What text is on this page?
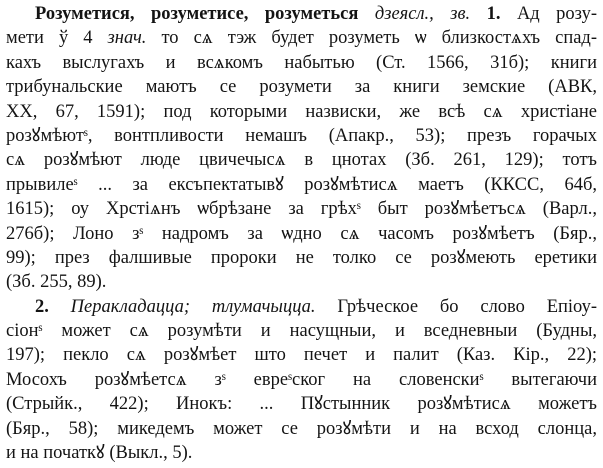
Розуметися, розуметисе, розуметься дзеясл., зв. 1. Ад розу-
мети ў 4 знач. то сѧ тэж будет розуметь ѡ близкостѧхъ спад-
кахъ выслугахъ и всѧкомъ набытью (Ст. 1566, 31б); книги
трибунальские маютъ се розумети за книги земские (АВК,
XX, 67, 1591); под которыми назвиски, же всѣ сѧ христiане
розꙋмѣютˢ, вонтпливости немашъ (Апакр., 53); презъ горачых
сѧ розꙋмѣют люде цвичечысѧ в цнотах (Зб. 261, 129); тотъ
прывилеˢ ... за ексъпектатывꙋ розꙋмѣтисѧ маетъ (ККСС, 64б,
1615); оу Хрстiѧнъ ѡбрѣзане за грѣхˢ быт розꙋмѣетъсѧ (Варл.,
276б); Лоно зˢ надромъ за ѡдно сѧ часомъ розꙋмѣетъ (Бяр.,
99); през фалшивые пророки не толко се розꙋмеють еретики
(Зб. 255, 89).
2. Перакладацца; тлумачыцца. Грѣческое бо слово Епiоу-
сiонˢ может сѧ розумѣти и насущныи, и вседневныи (Будны,
197); пекло сѧ розꙋмѣет што печет и палит (Каз. Кір., 22);
Мосохъ розꙋмѣетсѧ зˢ евреˢског на словенскиˢ вытегаючи
(Стрыйк., 422); Инокъ: ... Пꙋстынник розꙋмѣтисѧ можетъ
(Бяр., 58); микедемъ может се розꙋмѣти и на всход слонца,
и на початкꙋ (Выкл., 5).
